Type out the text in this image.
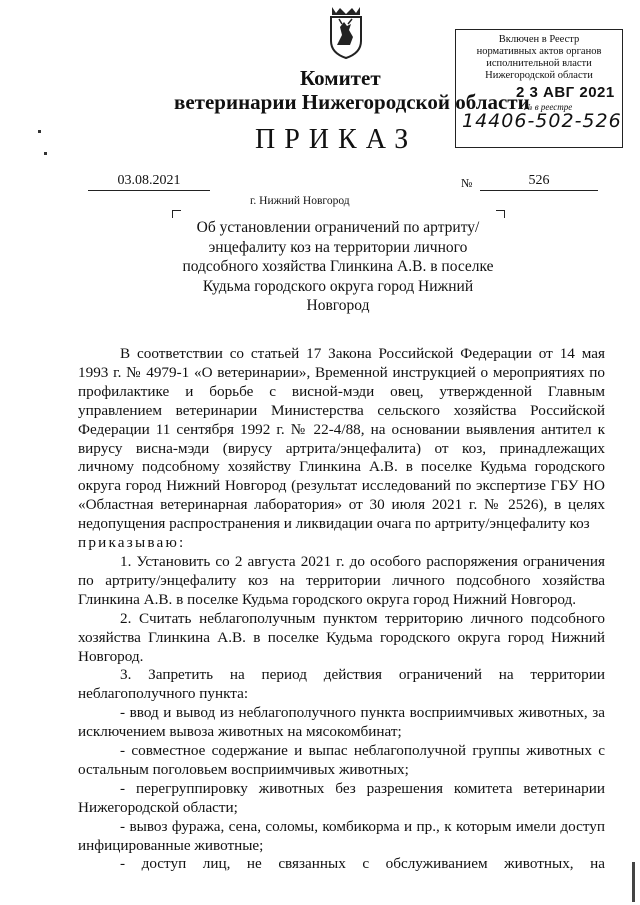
Комитет
ветеринарии Нижегородской области
ПРИКАЗ
Включен в Реестр
нормативных актов органов
исполнительной власти
Нижегородской области
2 3 АВГ 2021
№ в реестре
14406-502-526
03.08.2021	№	526
г. Нижний Новгород
Об установлении ограничений по артриту/энцефалиту коз на территории личного подсобного хозяйства Глинкина А.В. в поселке Кудьма городского округа город Нижний Новгород

В соответствии со статьей 17 Закона Российской Федерации от 14 мая 1993 г. № 4979-1 «О ветеринарии», Временной инструкцией о мероприятиях по профилактике и борьбе с висной-мэди овец, утвержденной Главным управлением ветеринарии Министерства сельского хозяйства Российской Федерации 11 сентября 1992 г. № 22-4/88, на основании выявления антител к вирусу висна-мэди (вирусу артрита/энцефалита) от коз, принадлежащих личному подсобному хозяйству Глинкина А.В. в поселке Кудьма городского округа город Нижний Новгород (результат исследований по экспертизе ГБУ НО «Областная ветеринарная лаборатория» от 30 июля 2021 г. № 2526), в целях недопущения распространения и ликвидации очага по артриту/энцефалиту коз

приказываю:

1. Установить со 2 августа 2021 г. до особого распоряжения ограничения по артриту/энцефалиту коз на территории личного подсобного хозяйства Глинкина А.В. в поселке Кудьма городского округа город Нижний Новгород.

2. Считать неблагополучным пунктом территорию личного подсобного хозяйства Глинкина А.В. в поселке Кудьма городского округа город Нижний Новгород.

3. Запретить на период действия ограничений на территории неблагополучного пункта:

- ввод и вывод из неблагополучного пункта восприимчивых животных, за исключением вывоза животных на мясокомбинат;

- совместное содержание и выпас неблагополучной группы животных с остальным поголовьем восприимчивых животных;

- перегруппировку животных без разрешения комитета ветеринарии Нижегородской области;

- вывоз фуража, сена, соломы, комбикорма и пр., к которым имели доступ инфицированные животные;

- доступ лиц, не связанных с обслуживанием животных, на
